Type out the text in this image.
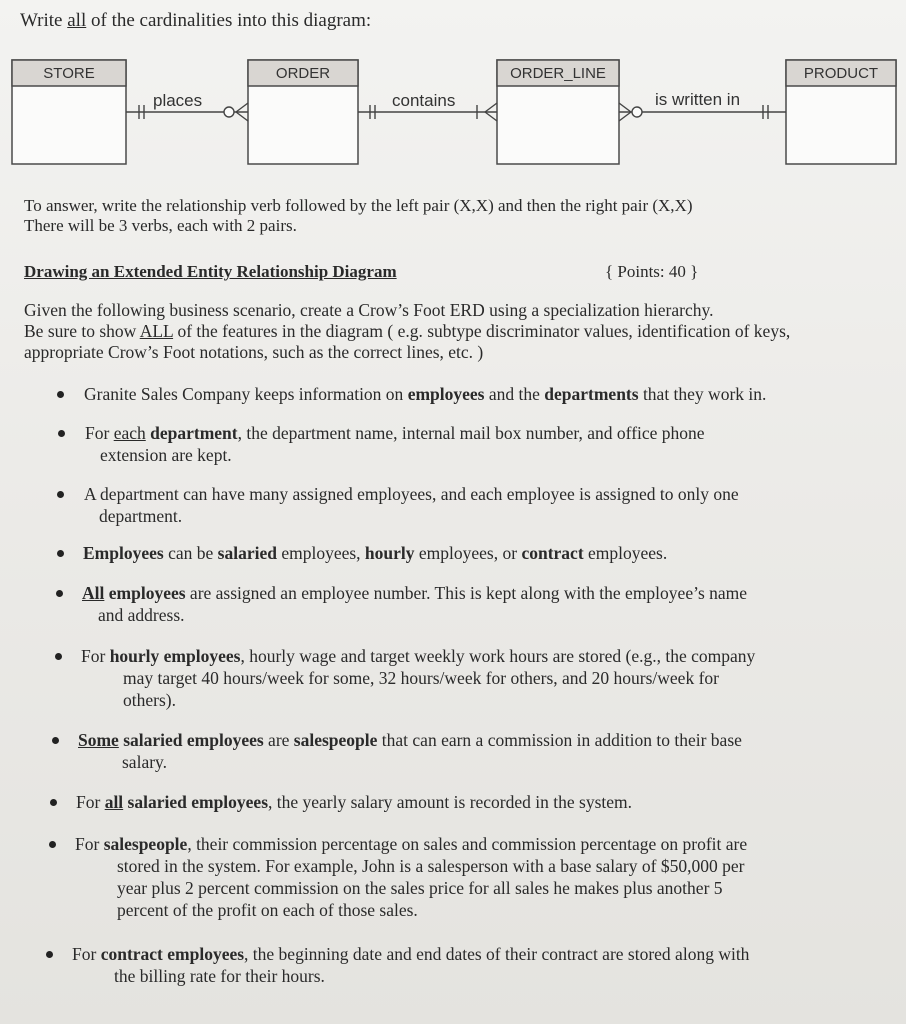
Write all of the cardinalities into this diagram:
STORE	ORDER	ORDER_LINE	PRODUCT
places	contains	is written in
To answer, write the relationship verb followed by the left pair (X,X) and then the right pair (X,X)
There will be 3 verbs, each with 2 pairs.
Drawing an Extended Entity Relationship Diagram	{ Points: 40 }
Given the following business scenario, create a Crow’s Foot ERD using a specialization hierarchy.
Be sure to show ALL of the features in the diagram ( e.g. subtype discriminator values, identification of keys,
appropriate Crow’s Foot notations, such as the correct lines, etc. )
Granite Sales Company keeps information on employees and the departments that they work in.
For each department, the department name, internal mail box number, and office phone
extension are kept.
A department can have many assigned employees, and each employee is assigned to only one
department.
Employees can be salaried employees, hourly employees, or contract employees.
All employees are assigned an employee number. This is kept along with the employee’s name
and address.
For hourly employees, hourly wage and target weekly work hours are stored (e.g., the company
may target 40 hours/week for some, 32 hours/week for others, and 20 hours/week for
others).
Some salaried employees are salespeople that can earn a commission in addition to their base
salary.
For all salaried employees, the yearly salary amount is recorded in the system.
For salespeople, their commission percentage on sales and commission percentage on profit are
stored in the system. For example, John is a salesperson with a base salary of $50,000 per
year plus 2 percent commission on the sales price for all sales he makes plus another 5
percent of the profit on each of those sales.
For contract employees, the beginning date and end dates of their contract are stored along with
the billing rate for their hours.
